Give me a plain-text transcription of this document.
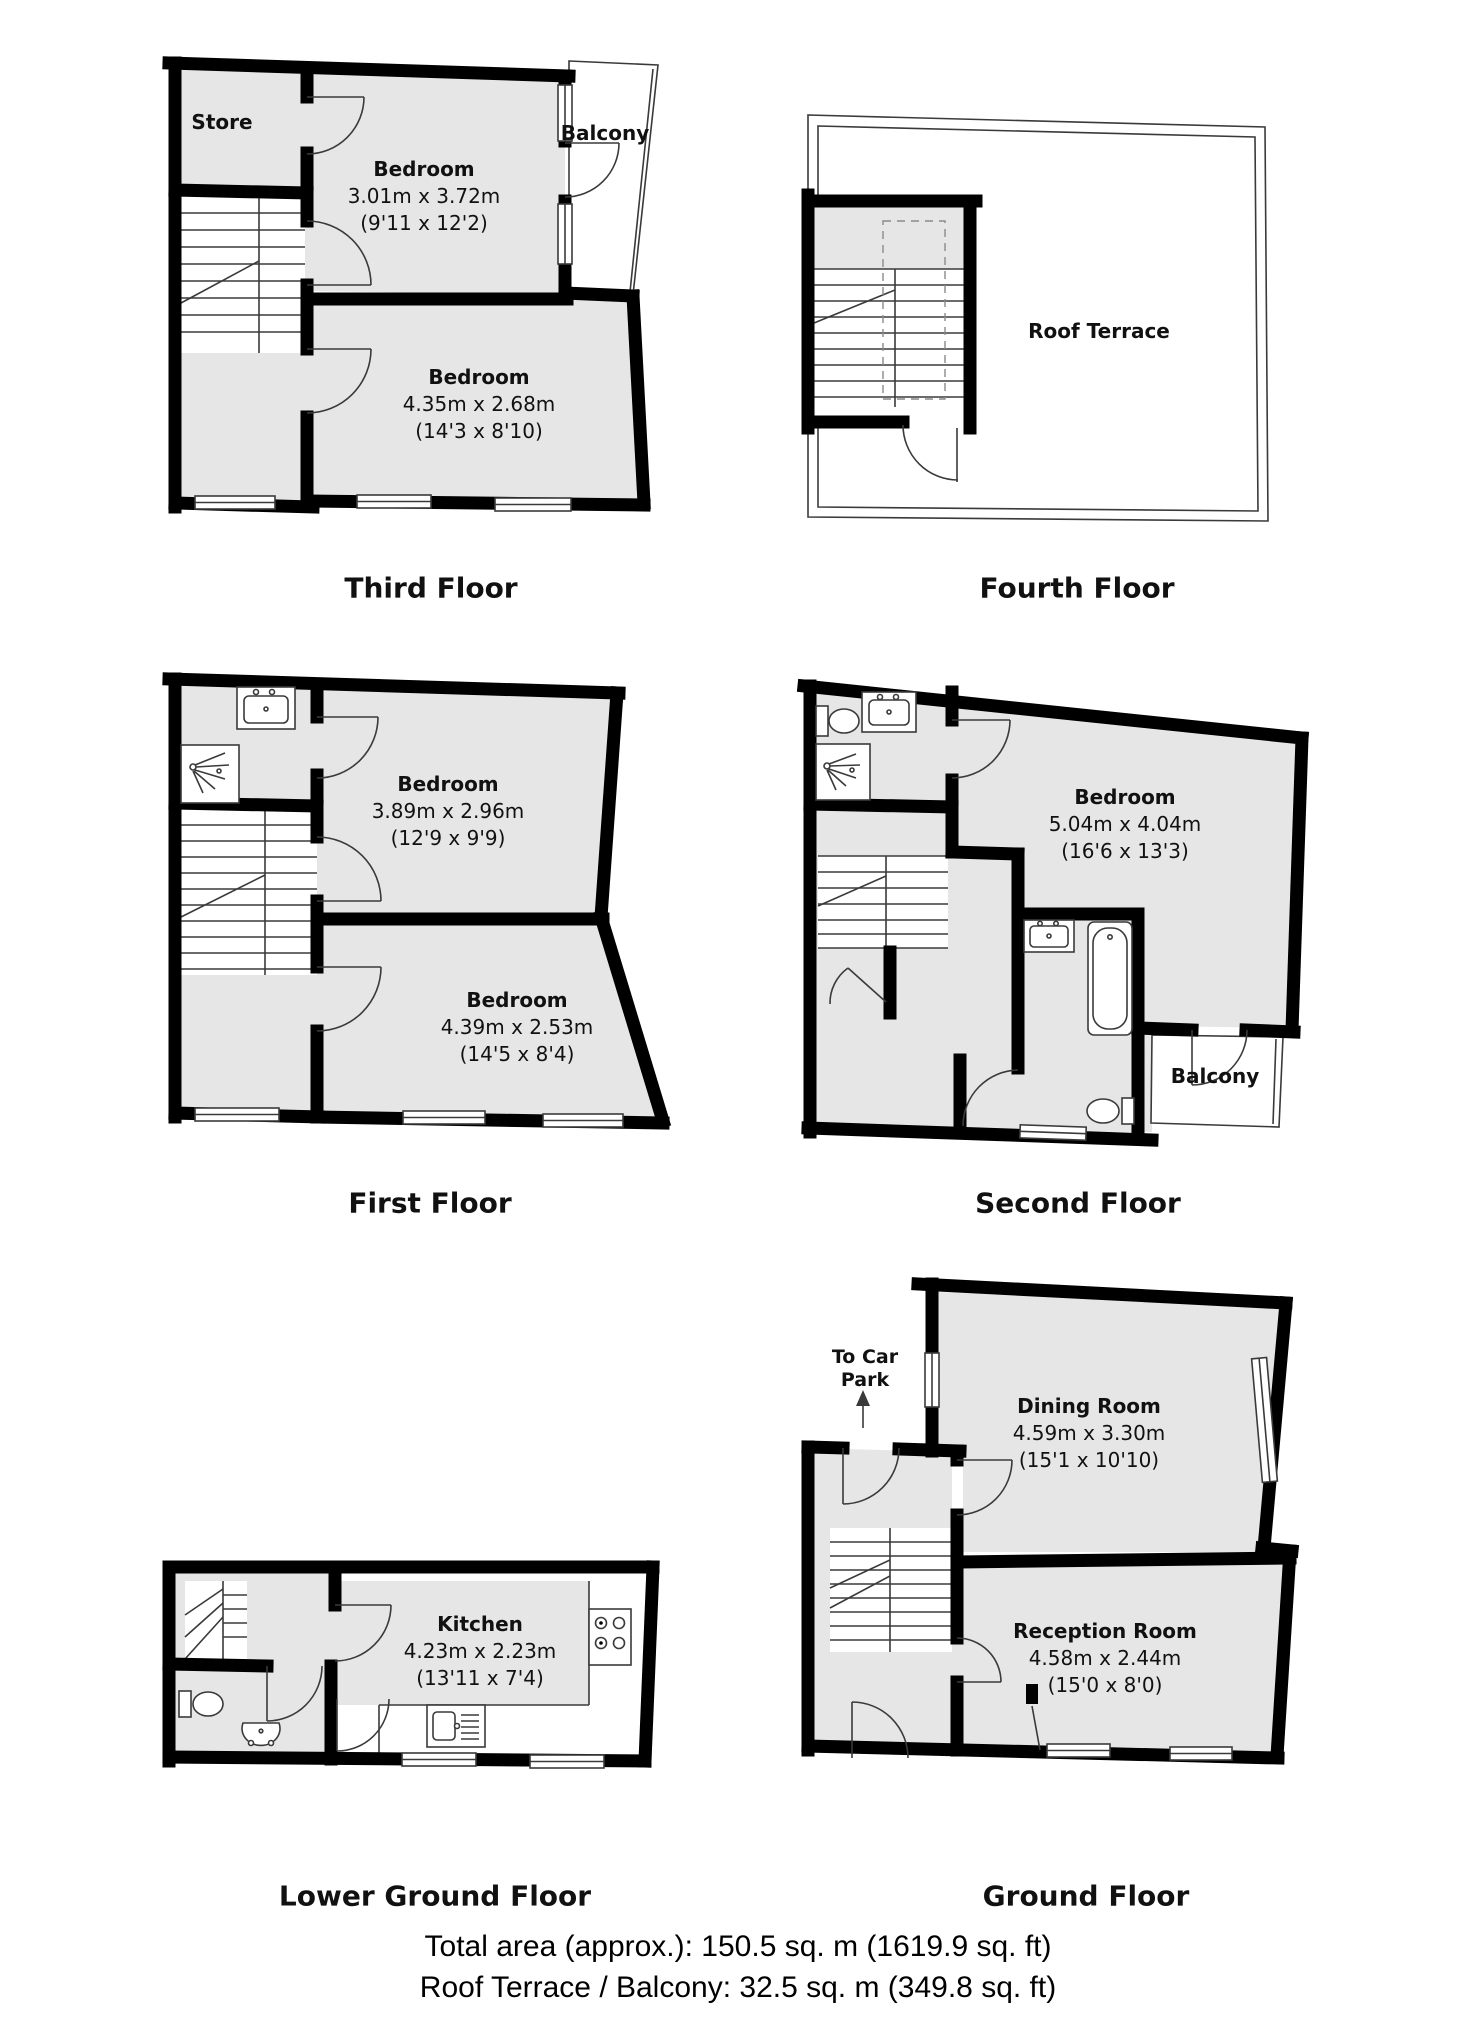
Store
Bedroom
3.01m x 3.72m
(9'11 x 12'2)
Bedroom
4.35m x 2.68m
(14'3 x 8'10)
Balcony
Third Floor
Roof Terrace
Fourth Floor
Bedroom
3.89m x 2.96m
(12'9 x 9'9)
Bedroom
4.39m x 2.53m
(14'5 x 8'4)
First Floor
Bedroom
5.04m x 4.04m
(16'6 x 13'3)
Balcony
Second Floor
Kitchen
4.23m x 2.23m
(13'11 x 7'4)
Lower Ground Floor
Dining Room
4.59m x 3.30m
(15'1 x 10'10)
Reception Room
4.58m x 2.44m
(15'0 x 8'0)
To Car
Park
Ground Floor
Total area (approx.): 150.5 sq. m (1619.9 sq. ft)
Roof Terrace / Balcony: 32.5 sq. m (349.8 sq. ft)
